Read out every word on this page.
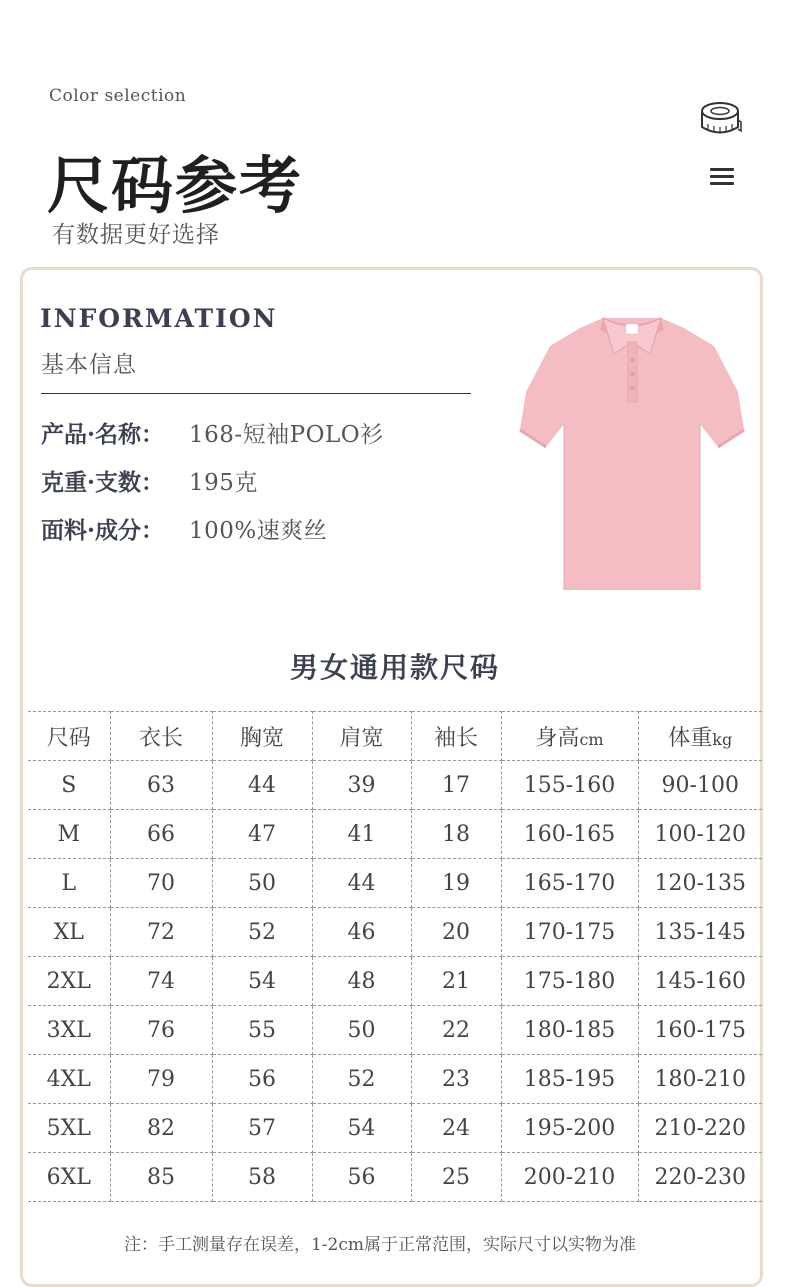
Color selection
尺码参考
有数据更好选择
INFORMATION
基本信息
产品·名称： 168-短袖POLO衫
克重·支数： 195克
面料·成分： 100%速爽丝
男女通用款尺码
尺码	衣长	胸宽	肩宽	袖长	身高cm	体重kg
S	63	44	39	17	155-160	90-100
M	66	47	41	18	160-165	100-120
L	70	50	44	19	165-170	120-135
XL	72	52	46	20	170-175	135-145
2XL	74	54	48	21	175-180	145-160
3XL	76	55	50	22	180-185	160-175
4XL	79	56	52	23	185-195	180-210
5XL	82	57	54	24	195-200	210-220
6XL	85	58	56	25	200-210	220-230
注：手工测量存在误差，1-2cm属于正常范围，实际尺寸以实物为准
